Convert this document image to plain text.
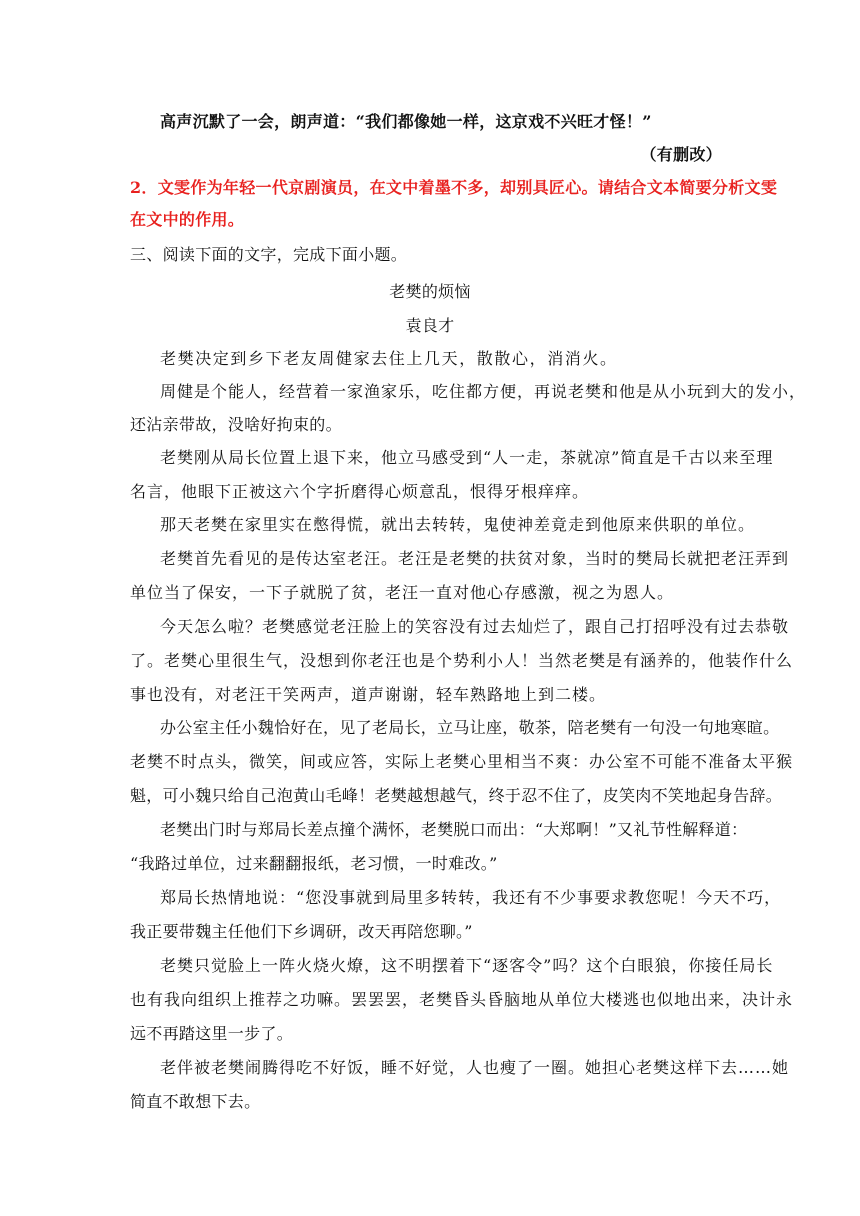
高声沉默了一会，朗声道：“我们都像她一样，这京戏不兴旺才怪！”
（有删改）
2．文雯作为年轻一代京剧演员，在文中着墨不多，却别具匠心。请结合文本简要分析文雯
在文中的作用。
三、阅读下面的文字，完成下面小题。
老樊的烦恼
袁良才
老樊决定到乡下老友周健家去住上几天，散散心，消消火。
周健是个能人，经营着一家渔家乐，吃住都方便，再说老樊和他是从小玩到大的发小，
还沾亲带故，没啥好拘束的。
老樊刚从局长位置上退下来，他立马感受到“人一走，茶就凉”简直是千古以来至理
名言，他眼下正被这六个字折磨得心烦意乱，恨得牙根痒痒。
那天老樊在家里实在憋得慌，就出去转转，鬼使神差竟走到他原来供职的单位。
老樊首先看见的是传达室老汪。老汪是老樊的扶贫对象，当时的樊局长就把老汪弄到
单位当了保安，一下子就脱了贫，老汪一直对他心存感激，视之为恩人。
今天怎么啦？老樊感觉老汪脸上的笑容没有过去灿烂了，跟自己打招呼没有过去恭敬
了。老樊心里很生气，没想到你老汪也是个势利小人！当然老樊是有涵养的，他装作什么
事也没有，对老汪干笑两声，道声谢谢，轻车熟路地上到二楼。
办公室主任小魏恰好在，见了老局长，立马让座，敬茶，陪老樊有一句没一句地寒暄。
老樊不时点头，微笑，间或应答，实际上老樊心里相当不爽：办公室不可能不准备太平猴
魁，可小魏只给自己泡黄山毛峰！老樊越想越气，终于忍不住了，皮笑肉不笑地起身告辞。
老樊出门时与郑局长差点撞个满怀，老樊脱口而出：“大郑啊！”又礼节性解释道：
“我路过单位，过来翻翻报纸，老习惯，一时难改。”
郑局长热情地说：“您没事就到局里多转转，我还有不少事要求教您呢！今天不巧，
我正要带魏主任他们下乡调研，改天再陪您聊。”
老樊只觉脸上一阵火烧火燎，这不明摆着下“逐客令”吗？这个白眼狼，你接任局长
也有我向组织上推荐之功嘛。罢罢罢，老樊昏头昏脑地从单位大楼逃也似地出来，决计永
远不再踏这里一步了。
老伴被老樊闹腾得吃不好饭，睡不好觉，人也瘦了一圈。她担心老樊这样下去……她
简直不敢想下去。
